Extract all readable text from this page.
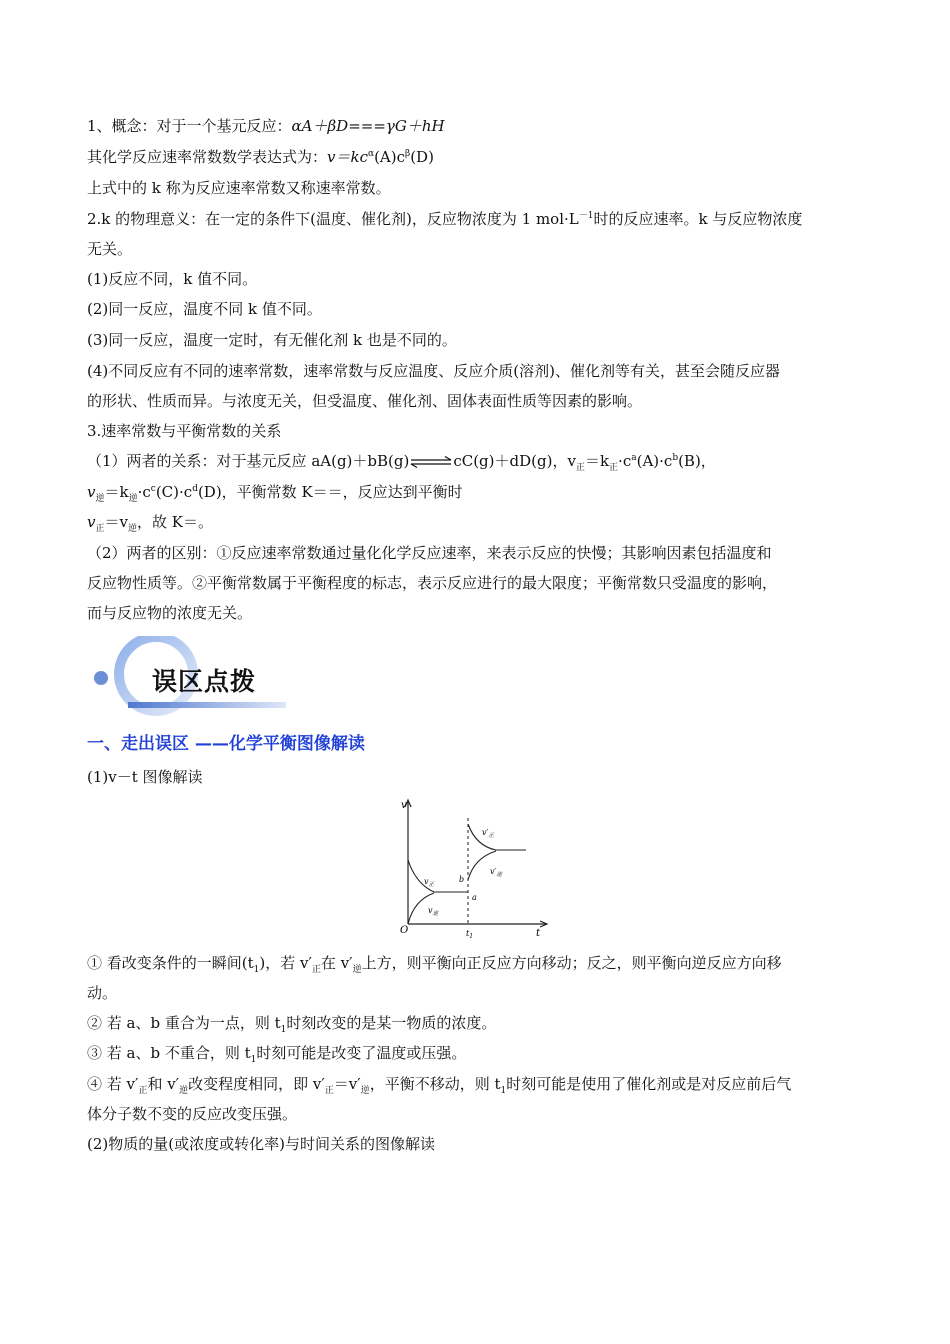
1、概念：对于一个基元反应：αA＋βD===γG＋hH
其化学反应速率常数数学表达式为：$v=kc^\alpha(A)c^\beta(D)$
上式中的 k 称为反应速率常数又称速率常数。
2.k 的物理意义：在一定的条件下(温度、催化剂)，反应物浓度为 1 $mol\cdot L^{-1}$时的反应速率。k 与反应物浓度
无关。
(1)反应不同，k 值不同。
(2)同一反应，温度不同 k 值不同。
(3)同一反应，温度一定时，有无催化剂 k 也是不同的。
(4)不同反应有不同的速率常数，速率常数与反应温度、反应介质(溶剂)、催化剂等有关，甚至会随反应器
的形状、性质而异。与浓度无关，但受温度、催化剂、固体表面性质等因素的影响。
3.速率常数与平衡常数的关系
（1）两者的关系：对于基元反应 aA(g)＋bB(g)⇌cC(g)＋dD(g)，$v_正=k_正\cdot c^a(A)\cdot c^b(B)$，
$v_逆=k_逆\cdot c^c(C)\cdot c^d(D)$，平衡常数 K＝＝，反应达到平衡时
$v_正=v_逆$，故 K＝。
（2）两者的区别：①反应速率常数通过量化化学反应速率，来表示反应的快慢；其影响因素包括温度和
反应物性质等。②平衡常数属于平衡程度的标志，表示反应进行的最大限度；平衡常数只受温度的影响，
而与反应物的浓度无关。
误区点拨
一、走出误区 ——化学平衡图像解读
(1)v－t 图像解读
v
t
O	$t_1$
$v_正$
$v_逆$
$v'_正$
$v'_逆$
a
b
① 看改变条件的一瞬间$(t_1)$，若 $v'_正$在 $v'_逆$上方，则平衡向正反应方向移动；反之，则平衡向逆反应方向移
动。
② 若 a、b 重合为一点，则 $t_1$时刻改变的是某一物质的浓度。
③ 若 a、b 不重合，则 $t_1$时刻可能是改变了温度或压强。
④ 若 $v'_正$和 $v'_逆$改变程度相同，即 $v'_正=v'_逆$，平衡不移动，则 $t_1$时刻可能是使用了催化剂或是对反应前后气
体分子数不变的反应改变压强。
(2)物质的量(或浓度或转化率)与时间关系的图像解读
